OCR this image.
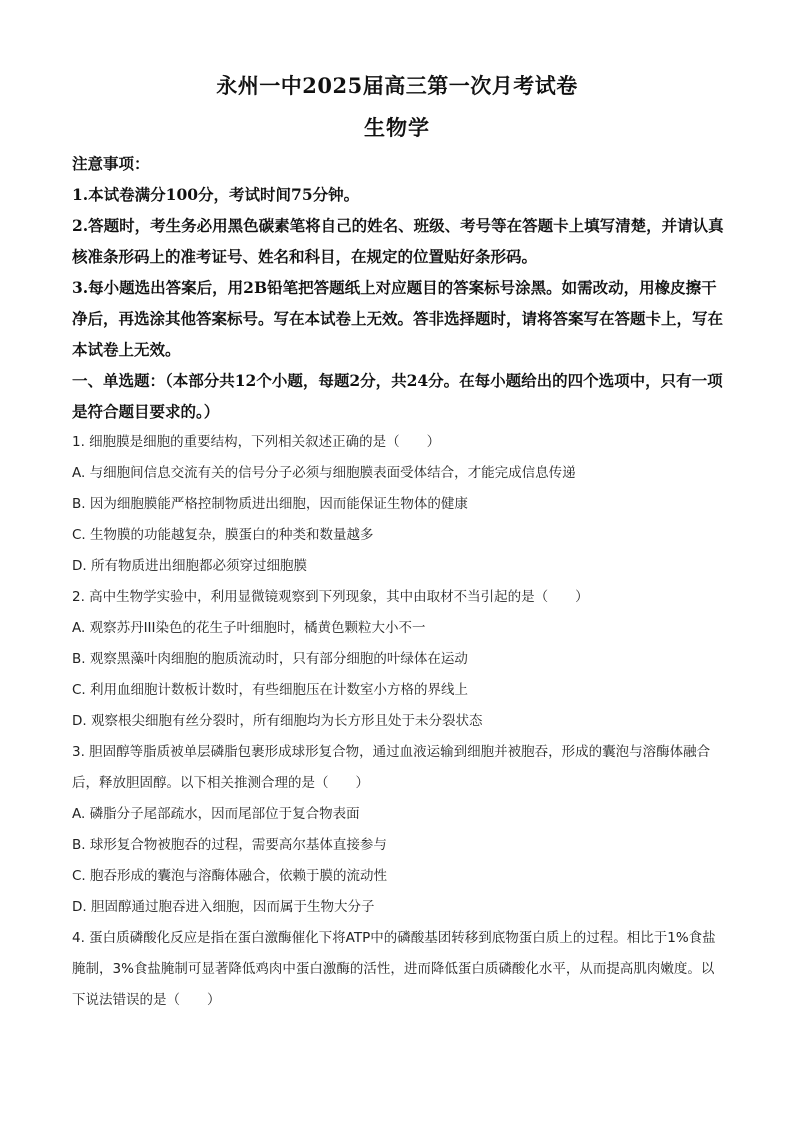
永州一中2025届高三第一次月考试卷
生物学

注意事项：

1.本试卷满分100分，考试时间75分钟。

2.答题时，考生务必用黑色碳素笔将自己的姓名、班级、考号等在答题卡上填写清楚，并请认真核准条形码上的准考证号、姓名和科目，在规定的位置贴好条形码。

3.每小题选出答案后，用2B铅笔把答题纸上对应题目的答案标号涂黑。如需改动，用橡皮擦干净后，再选涂其他答案标号。写在本试卷上无效。答非选择题时，请将答案写在答题卡上，写在本试卷上无效。

一、单选题：（本部分共12个小题，每题2分，共24分。在每小题给出的四个选项中，只有一项是符合题目要求的。）

1. 细胞膜是细胞的重要结构，下列相关叙述正确的是（　　）

A. 与细胞间信息交流有关的信号分子必须与细胞膜表面受体结合，才能完成信息传递

B. 因为细胞膜能严格控制物质进出细胞，因而能保证生物体的健康

C. 生物膜的功能越复杂，膜蛋白的种类和数量越多

D. 所有物质进出细胞都必须穿过细胞膜

2. 高中生物学实验中，利用显微镜观察到下列现象，其中由取材不当引起的是（　　）

A. 观察苏丹III染色的花生子叶细胞时，橘黄色颗粒大小不一

B. 观察黑藻叶肉细胞的胞质流动时，只有部分细胞的叶绿体在运动

C. 利用血细胞计数板计数时，有些细胞压在计数室小方格的界线上

D. 观察根尖细胞有丝分裂时，所有细胞均为长方形且处于未分裂状态

3. 胆固醇等脂质被单层磷脂包裹形成球形复合物，通过血液运输到细胞并被胞吞，形成的囊泡与溶酶体融合后，释放胆固醇。以下相关推测合理的是（　　）

A. 磷脂分子尾部疏水，因而尾部位于复合物表面

B. 球形复合物被胞吞的过程，需要高尔基体直接参与

C. 胞吞形成的囊泡与溶酶体融合，依赖于膜的流动性

D. 胆固醇通过胞吞进入细胞，因而属于生物大分子

4. 蛋白质磷酸化反应是指在蛋白激酶催化下将ATP中的磷酸基团转移到底物蛋白质上的过程。相比于1%食盐腌制，3%食盐腌制可显著降低鸡肉中蛋白激酶的活性，进而降低蛋白质磷酸化水平，从而提高肌肉嫩度。以下说法错误的是（　　）
